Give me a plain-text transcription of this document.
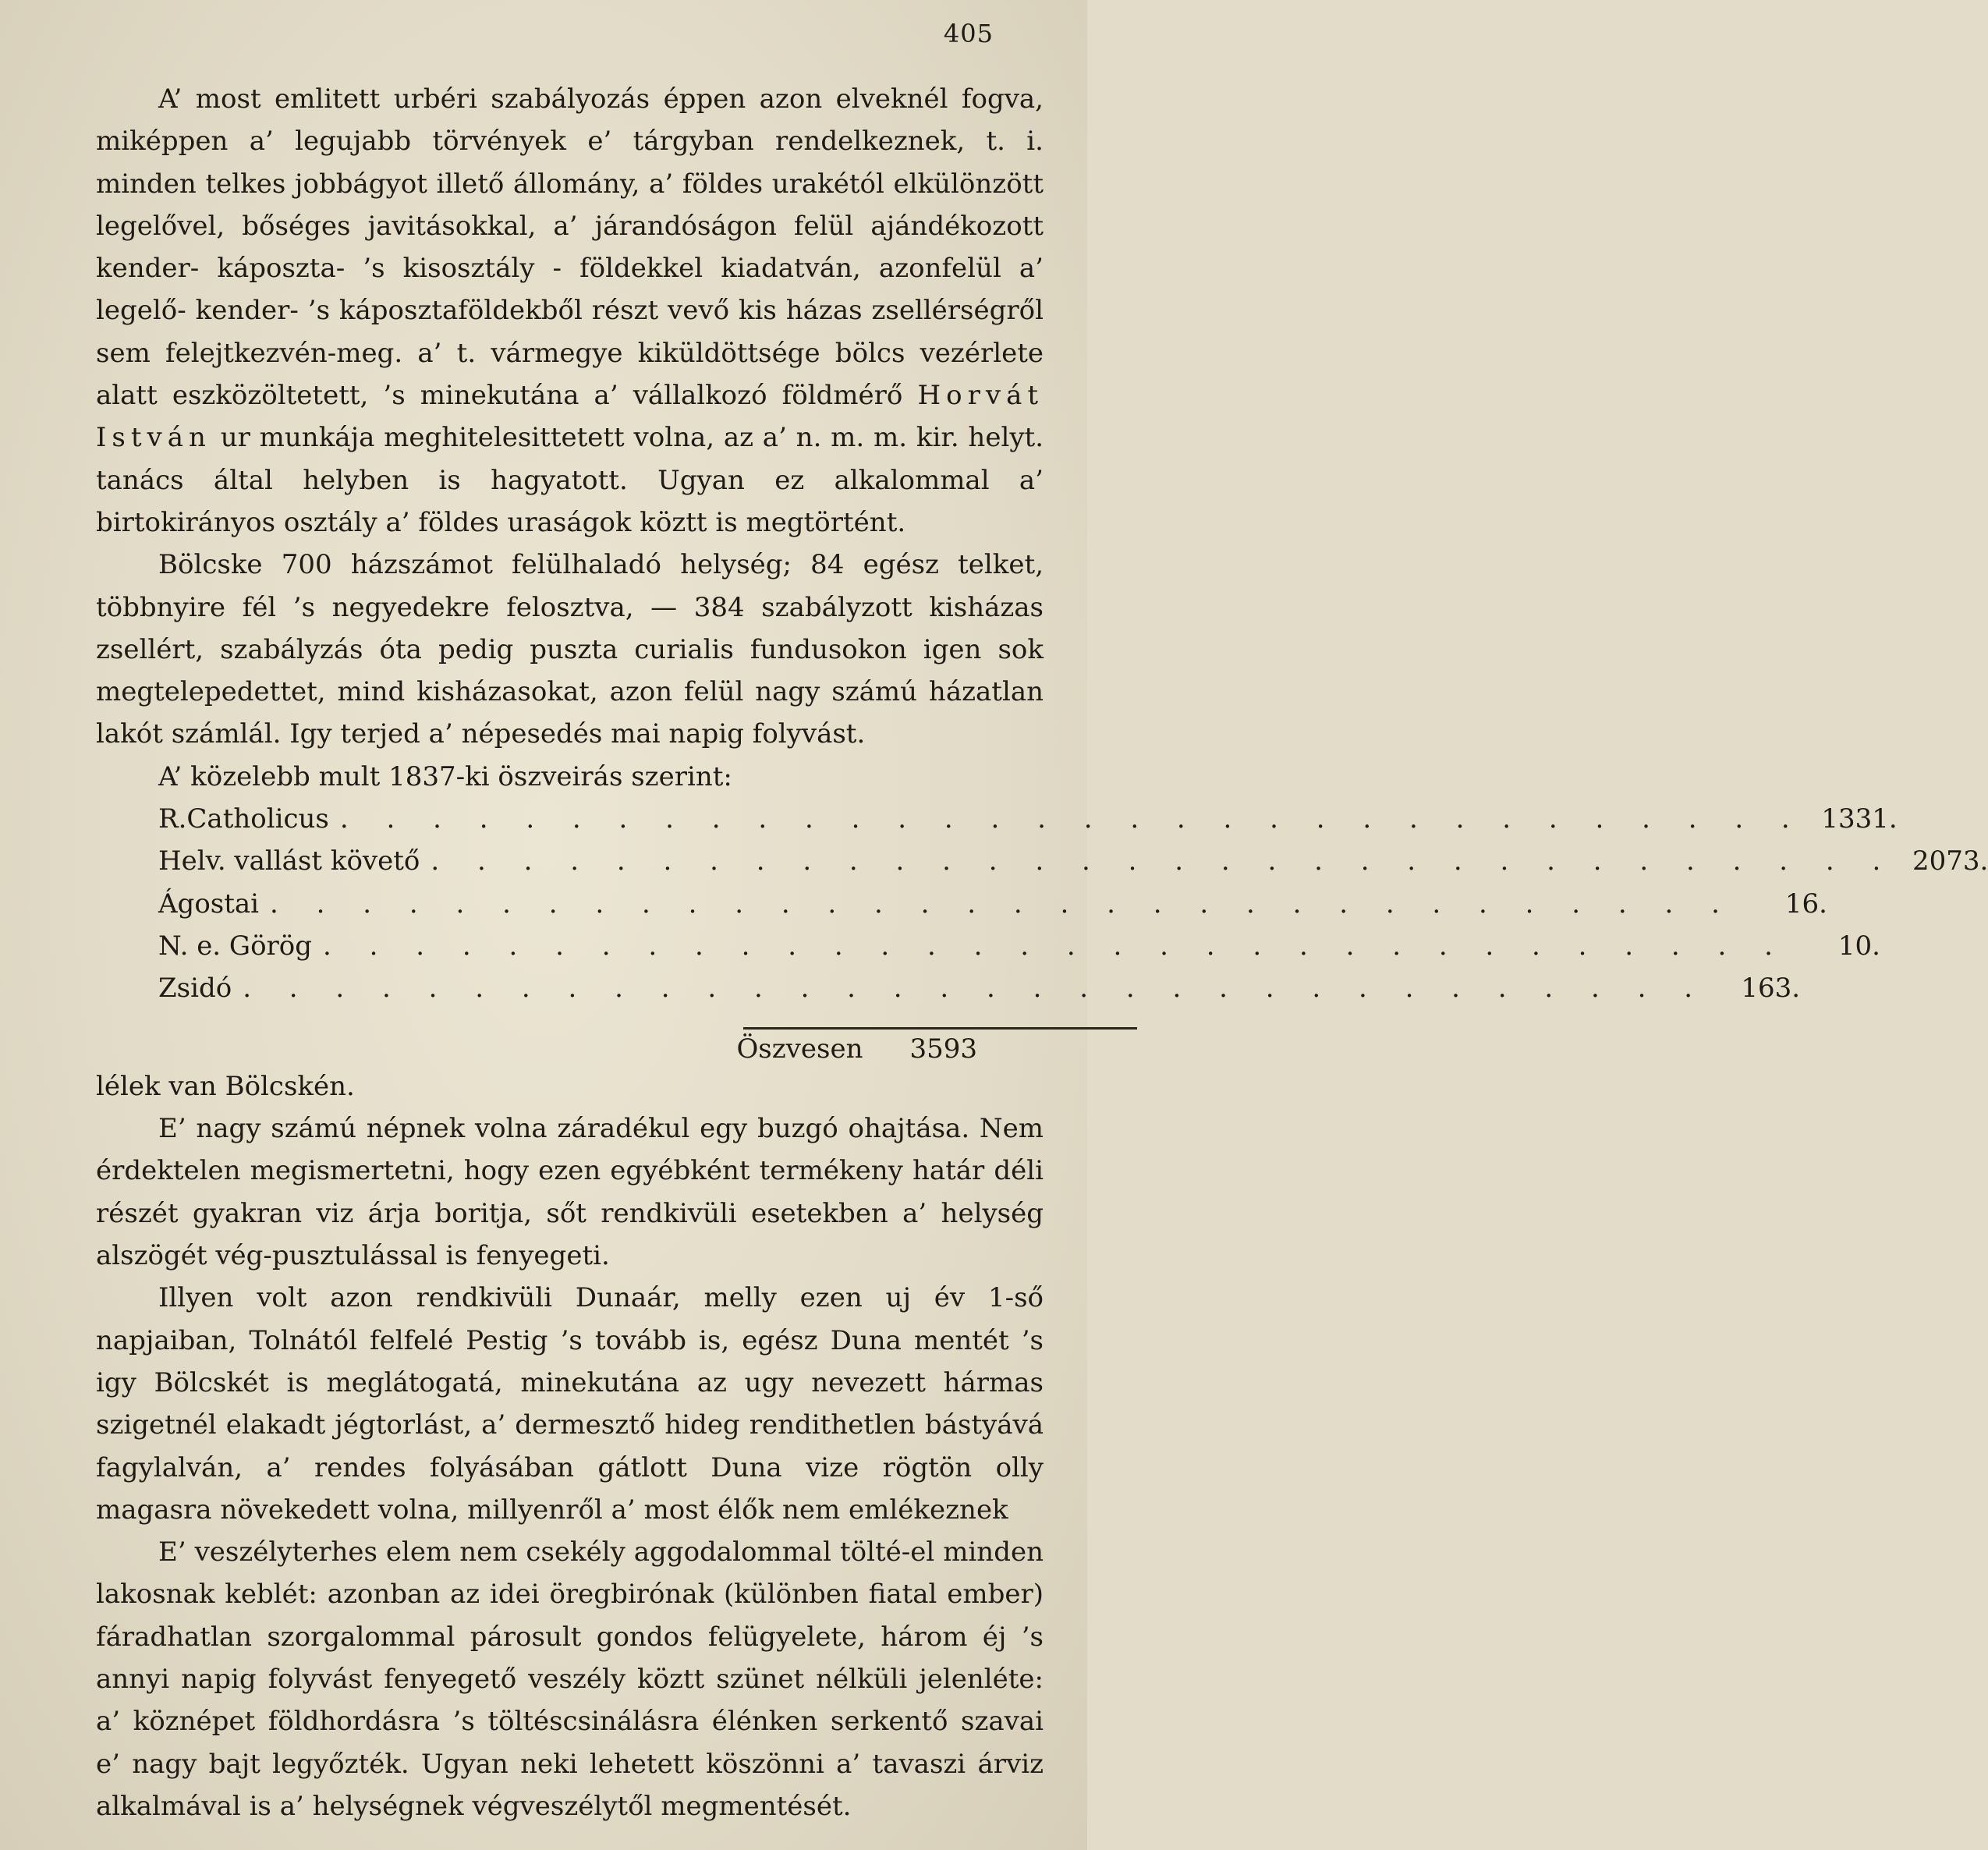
405

A’ most emlitett urbéri szabályozás éppen azon elveknél fogva, miképpen a’ legujabb törvények e’ tárgyban rendelkeznek, t. i. minden telkes jobbágyot illető állomány, a’ földes urakétól elkülönzött legelővel, bőséges javitásokkal, a’ járandóságon felül ajándékozott kender- káposzta- ’s kisosztály - földekkel kiadatván, azonfelül a’ legelő- kender- ’s káposztaföldekből részt vevő kis házas zsellérségről sem felejtkezvén-meg. a’ t. vármegye kiküldöttsége bölcs vezérlete alatt eszközöltetett, ’s minekutána a’ vállalkozó földmérő Horvát István ur munkája meghitelesittetett volna, az a’ n. m. m. kir. helyt. tanács által helyben is hagyatott. Ugyan ez alkalommal a’ birtokirányos osztály a’ földes uraságok köztt is megtörtént.

Bölcske 700 házszámot felülhaladó helység; 84 egész telket, többnyire fél ’s negyedekre felosztva, — 384 szabályzott kisházas zsellért, szabályzás óta pedig puszta curialis fundusokon igen sok megtelepedettet, mind kisházasokat, azon felül nagy számú házatlan lakót számlál. Igy terjed a’ népesedés mai napig folyvást.

A’ közelebb mult 1837-ki öszveirás szerint:

R.Catholicus . . . . . . . . . . . . . . . . . . . . . . . . . . . . . . . . 1331.
Helv. vallást követő . . . . . . . . . . . . . . . . . . . . . . . . . . . . . . . . 2073.
Ágostai . . . . . . . . . . . . . . . . . . . . . . . . . . . . . . . .	16.
N. e. Görög . . . . . . . . . . . . . . . . . . . . . . . . . . . . . . . .	10.
Zsidó . . . . . . . . . . . . . . . . . . . . . . . . . . . . . . . .	163.
Öszvesen 3593

lélek van Bölcskén.

E’ nagy számú népnek volna záradékul egy buzgó ohajtása. Nem érdektelen megismertetni, hogy ezen egyébként termékeny határ déli részét gyakran viz árja boritja, sőt rendkivüli esetekben a’ helység alszögét vég-pusztulással is fenyegeti.

Illyen volt azon rendkivüli Dunaár, melly ezen uj év 1-ső napjaiban, Tolnától felfelé Pestig ’s tovább is, egész Duna mentét ’s igy Bölcskét is meglátogatá, minekutána az ugy nevezett hármas szigetnél elakadt jégtorlást, a’ dermesztő hideg rendithetlen bástyává fagylalván, a’ rendes folyásában gátlott Duna vize rögtön olly magasra növekedett volna, millyenről a’ most élők nem emlékeznek

E’ veszélyterhes elem nem csekély aggodalommal tölté-el minden lakosnak keblét: azonban az idei öregbirónak (különben fiatal ember) fáradhatlan szorgalommal párosult gondos felügyelete, három éj ’s annyi napig folyvást fenyegető veszély köztt szünet nélküli jelenléte: a’ köznépet földhordásra ’s töltéscsinálásra élénken serkentő szavai e’ nagy bajt legyőzték. Ugyan neki lehetett köszönni a’ tavaszi árviz alkalmával is a’ helységnek végveszélytől megmentését.
